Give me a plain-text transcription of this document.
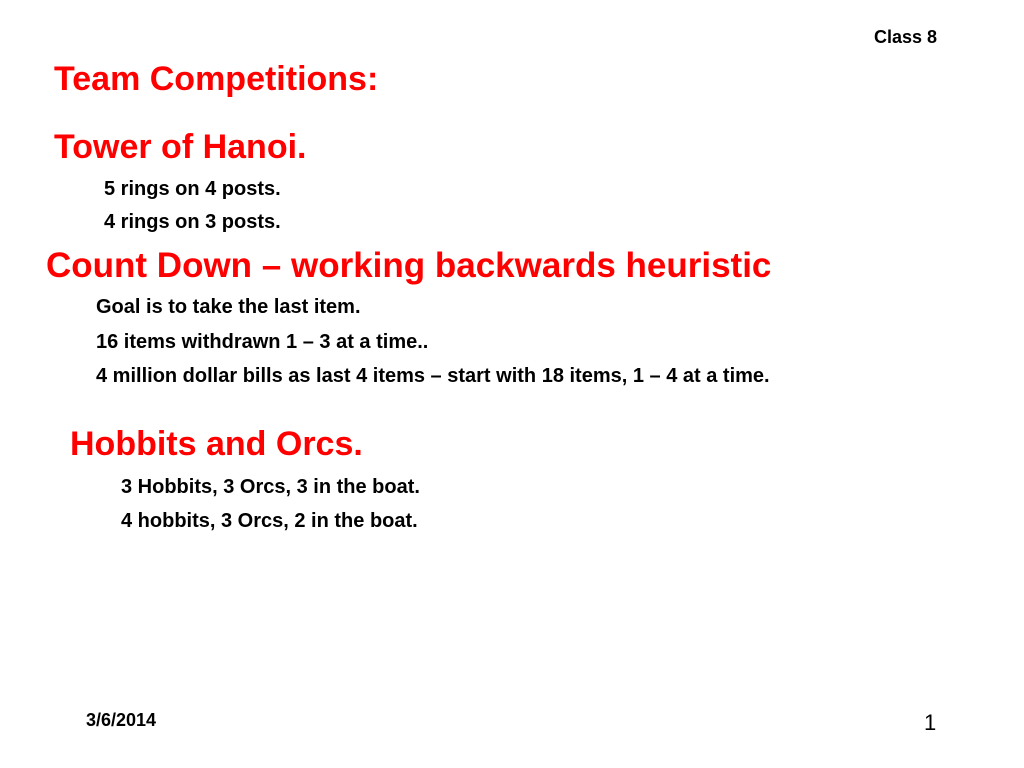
Class 8
Team Competitions:
Tower of Hanoi.
5 rings on 4 posts.
4 rings on 3 posts.
Count Down – working backwards heuristic
Goal is to take the last item.
16 items withdrawn 1 – 3 at a time..
4 million dollar bills as last 4 items – start with 18 items, 1 – 4 at a time.
Hobbits and Orcs.
3 Hobbits, 3 Orcs, 3 in the boat.
4 hobbits, 3 Orcs, 2 in the boat.
3/6/2014	1
